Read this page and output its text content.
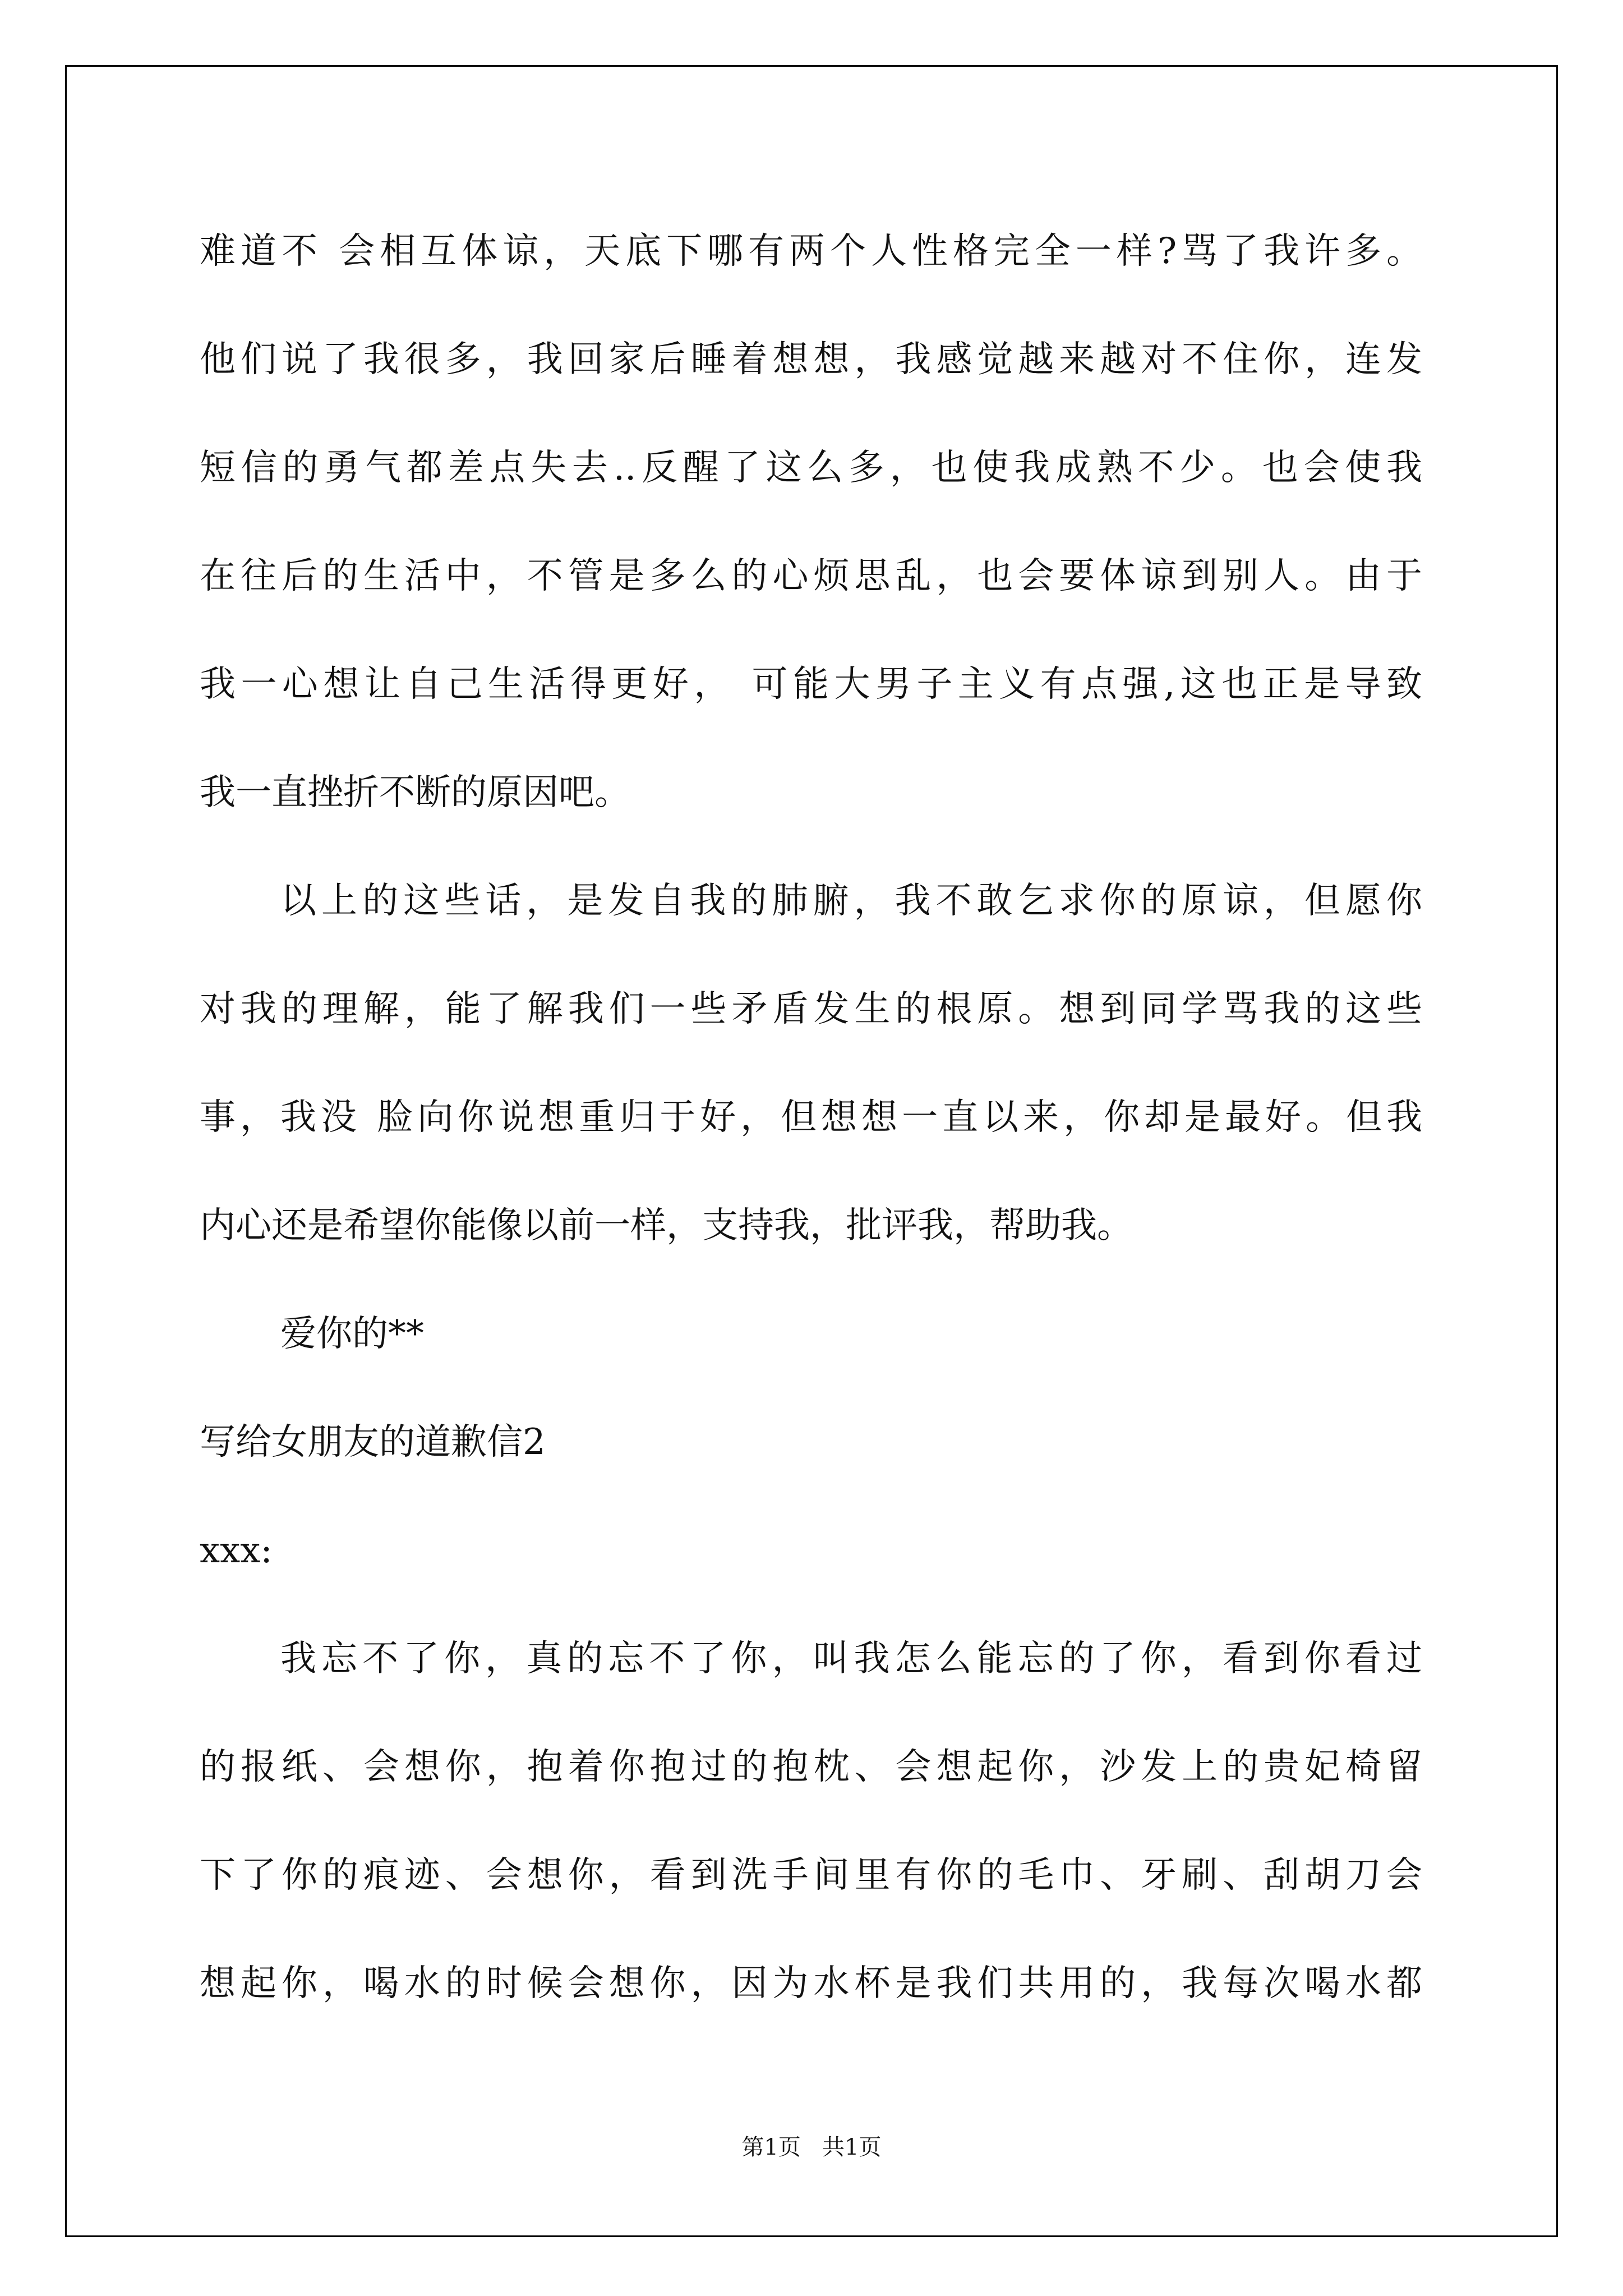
难道不 会相互体谅，天底下哪有两个人性格完全一样?骂了我许多。

他们说了我很多，我回家后睡着想想，我感觉越来越对不住你，连发

短信的勇气都差点失去..反醒了这么多，也使我成熟不少。也会使我

在往后的生活中，不管是多么的心烦思乱，也会要体谅到别人。由于

我一心想让自己生活得更好， 可能大男子主义有点强,这也正是导致

我一直挫折不断的原因吧。

以上的这些话，是发自我的肺腑，我不敢乞求你的原谅，但愿你

对我的理解，能了解我们一些矛盾发生的根原。想到同学骂我的这些

事，我没 脸向你说想重归于好，但想想一直以来，你却是最好。但我

内心还是希望你能像以前一样，支持我，批评我，帮助我。

爱你的**

写给女朋友的道歉信2

xxx:

我忘不了你，真的忘不了你，叫我怎么能忘的了你，看到你看过

的报纸、会想你，抱着你抱过的抱枕、会想起你，沙发上的贵妃椅留

下了你的痕迹、会想你，看到洗手间里有你的毛巾、牙刷、刮胡刀会

想起你，喝水的时候会想你，因为水杯是我们共用的，我每次喝水都

第1页   共1页
